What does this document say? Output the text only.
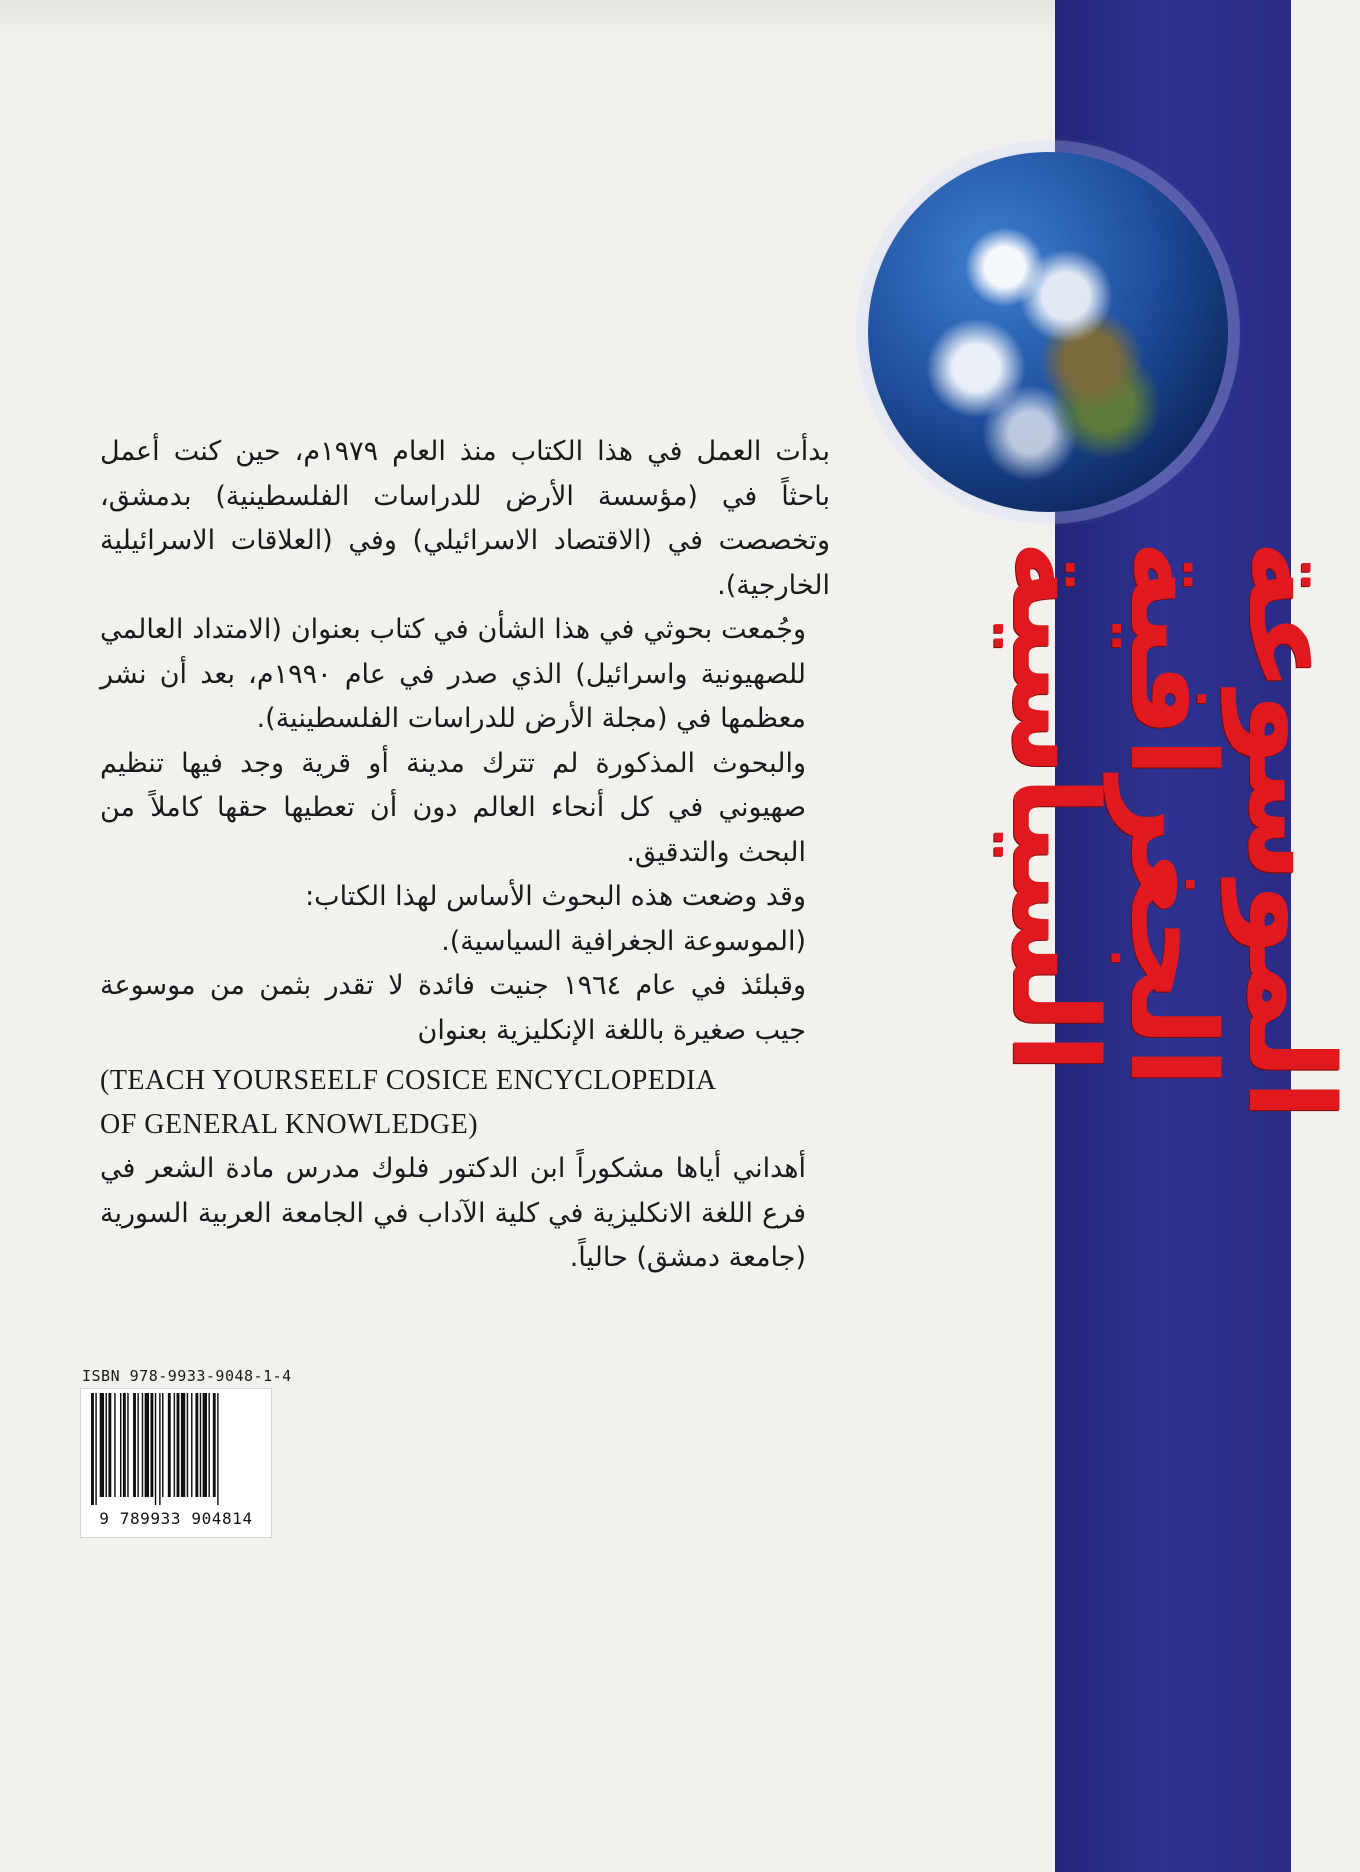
الموسوعة الجغرافية السياسية

بدأت العمل في هذا الكتاب منذ العام ١٩٧٩م، حين كنت أعمل باحثاً في (مؤسسة الأرض للدراسات الفلسطينية) بدمشق، وتخصصت في (الاقتصاد الاسرائيلي) وفي (العلاقات الاسرائيلية الخارجية).

وجُمعت بحوثي في هذا الشأن في كتاب بعنوان (الامتداد العالمي للصهيونية واسرائيل) الذي صدر في عام ١٩٩٠م، بعد أن نشر معظمها في (مجلة الأرض للدراسات الفلسطينية).

والبحوث المذكورة لم تترك مدينة أو قرية وجد فيها تنظيم صهيوني في كل أنحاء العالم دون أن تعطيها حقها كاملاً من البحث والتدقيق.

وقد وضعت هذه البحوث الأساس لهذا الكتاب:

(الموسوعة الجغرافية السياسية).

وقبلئذ في عام ١٩٦٤ جنيت فائدة لا تقدر بثمن من موسوعة جيب صغيرة باللغة الإنكليزية بعنوان

(TEACH YOURSEELF COSICE ENCYCLOPEDIA
OF GENERAL KNOWLEDGE)

أهداني أياها مشكوراً ابن الدكتور فلوك مدرس مادة الشعر في فرع اللغة الانكليزية في كلية الآداب في الجامعة العربية السورية (جامعة دمشق) حالياً.

ISBN 978-9933-9048-1-4
9 789933 904814
